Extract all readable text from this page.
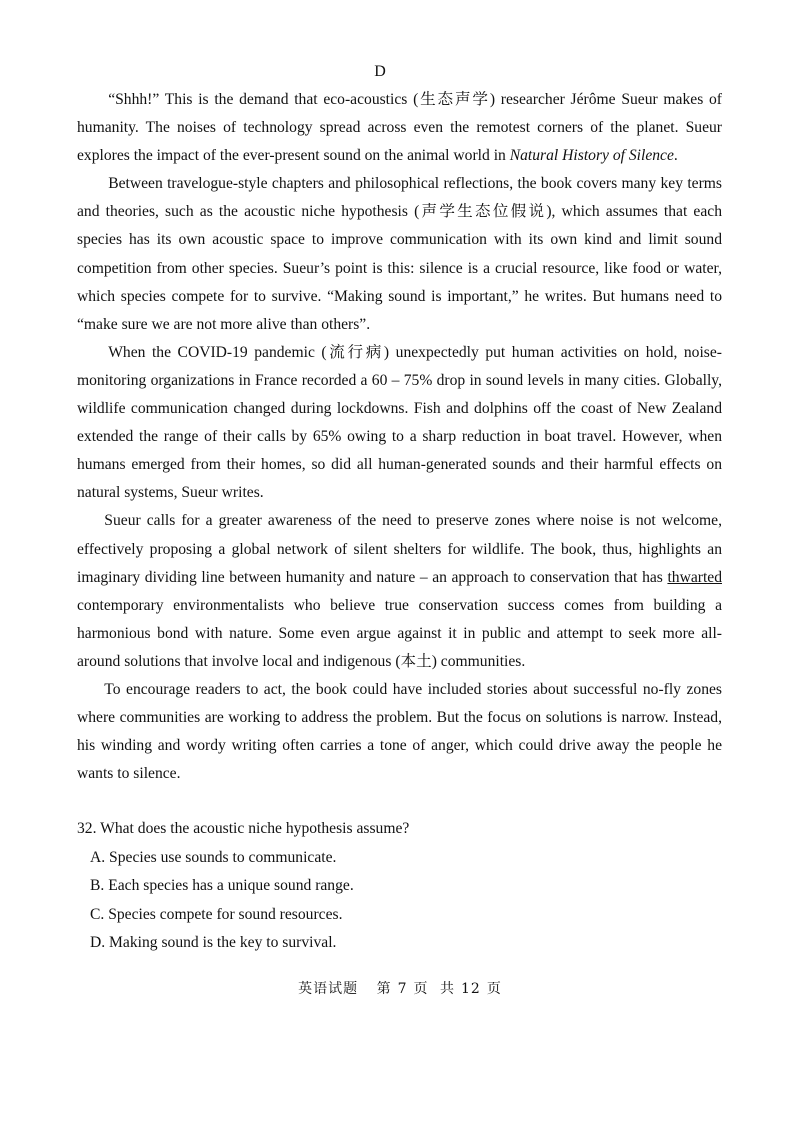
D

“Shhh!” This is the demand that eco-acoustics (生态声学) researcher Jérôme Sueur makes of humanity. The noises of technology spread across even the remotest corners of the planet. Sueur explores the impact of the ever-present sound on the animal world in Natural History of Silence.

Between travelogue-style chapters and philosophical reflections, the book covers many key terms and theories, such as the acoustic niche hypothesis (声学生态位假说), which assumes that each species has its own acoustic space to improve communication with its own kind and limit sound competition from other species. Sueur’s point is this: silence is a crucial resource, like food or water, which species compete for to survive. “Making sound is important,” he writes. But humans need to “make sure we are not more alive than others”.

When the COVID-19 pandemic (流行病) unexpectedly put human activities on hold, noise-monitoring organizations in France recorded a 60 – 75% drop in sound levels in many cities. Globally, wildlife communication changed during lockdowns. Fish and dolphins off the coast of New Zealand extended the range of their calls by 65% owing to a sharp reduction in boat travel. However, when humans emerged from their homes, so did all human-generated sounds and their harmful effects on natural systems, Sueur writes.

Sueur calls for a greater awareness of the need to preserve zones where noise is not welcome, effectively proposing a global network of silent shelters for wildlife. The book, thus, highlights an imaginary dividing line between humanity and nature – an approach to conservation that has thwarted contemporary environmentalists who believe true conservation success comes from building a harmonious bond with nature. Some even argue against it in public and attempt to seek more all-around solutions that involve local and indigenous (本土) communities.

To encourage readers to act, the book could have included stories about successful no-fly zones where communities are working to address the problem. But the focus on solutions is narrow. Instead, his winding and wordy writing often carries a tone of anger, which could drive away the people he wants to silence.

32. What does the acoustic niche hypothesis assume?

A. Species use sounds to communicate.

B. Each species has a unique sound range.

C. Species compete for sound resources.

D. Making sound is the key to survival.

英语试题 第 7 页 共 12 页
